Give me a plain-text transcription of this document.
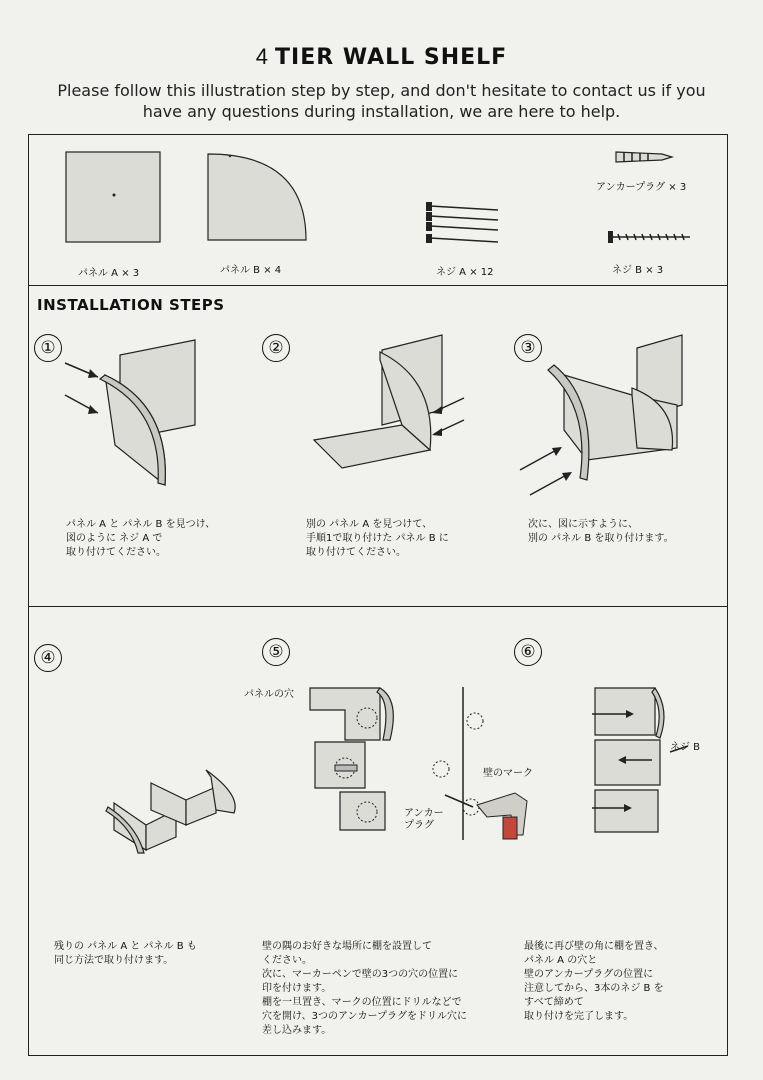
4 TIER WALL SHELF
Please follow this illustration step by step, and don't hesitate to contact us if you have any questions during installation, we are here to help.
パネル A × 3	パネル B × 4	ネジ A × 12
アンカープラグ × 3
ネジ B × 3
INSTALLATION STEPS
①	②	③
④	⑤	⑥
パネルの穴
壁のマーク
アンカー
プラグ
ネジ B
パネル A と パネル B を見つけ、
図のように ネジ A で
取り付けてください。
別の パネル A を見つけて、
手順1で取り付けた パネル B に
取り付けてください。
次に、図に示すように、
別の パネル B を取り付けます。
残りの パネル A と パネル B も
同じ方法で取り付けます。
壁の隅のお好きな場所に棚を設置して
ください。
次に、マーカーペンで壁の3つの穴の位置に
印を付けます。
棚を一旦置き、マークの位置にドリルなどで
穴を開け、3つのアンカープラグをドリル穴に
差し込みます。
最後に再び壁の角に棚を置き、
パネル A の穴と
壁のアンカープラグの位置に
注意してから、3本のネジ B を
すべて締めて
取り付けを完了します。
